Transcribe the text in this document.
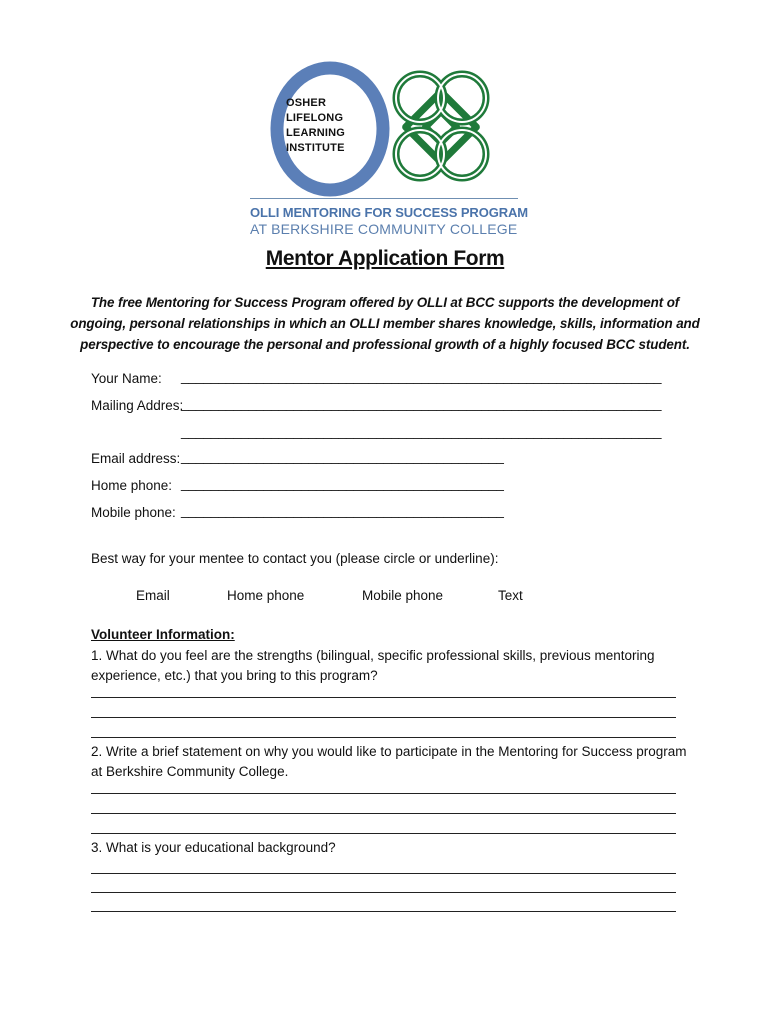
OSHER
LIFELONG
LEARNING
INSTITUTE
OLLI MENTORING FOR SUCCESS PROGRAM
AT BERKSHIRE COMMUNITY COLLEGE
Mentor Application Form
The free Mentoring for Success Program offered by OLLI at BCC supports the development of ongoing, personal relationships in which an OLLI member shares knowledge, skills, information and perspective to encourage the personal and professional growth of a highly focused BCC student.
Your Name: ________________________________________________________________
Mailing Addres:
________________________________________________________________
________________________________________________________________
Email address: ___________________________________________
Home phone: ___________________________________________
Mobile phone: ___________________________________________
Best way for your mentee to contact you (please circle or underline):
Email	Home phone	Mobile phone	Text
Volunteer Information:
1. What do you feel are the strengths (bilingual, specific professional skills, previous mentoring experience, etc.) that you bring to this program?
2. Write a brief statement on why you would like to participate in the Mentoring for Success program at Berkshire Community College.
3. What is your educational background?
